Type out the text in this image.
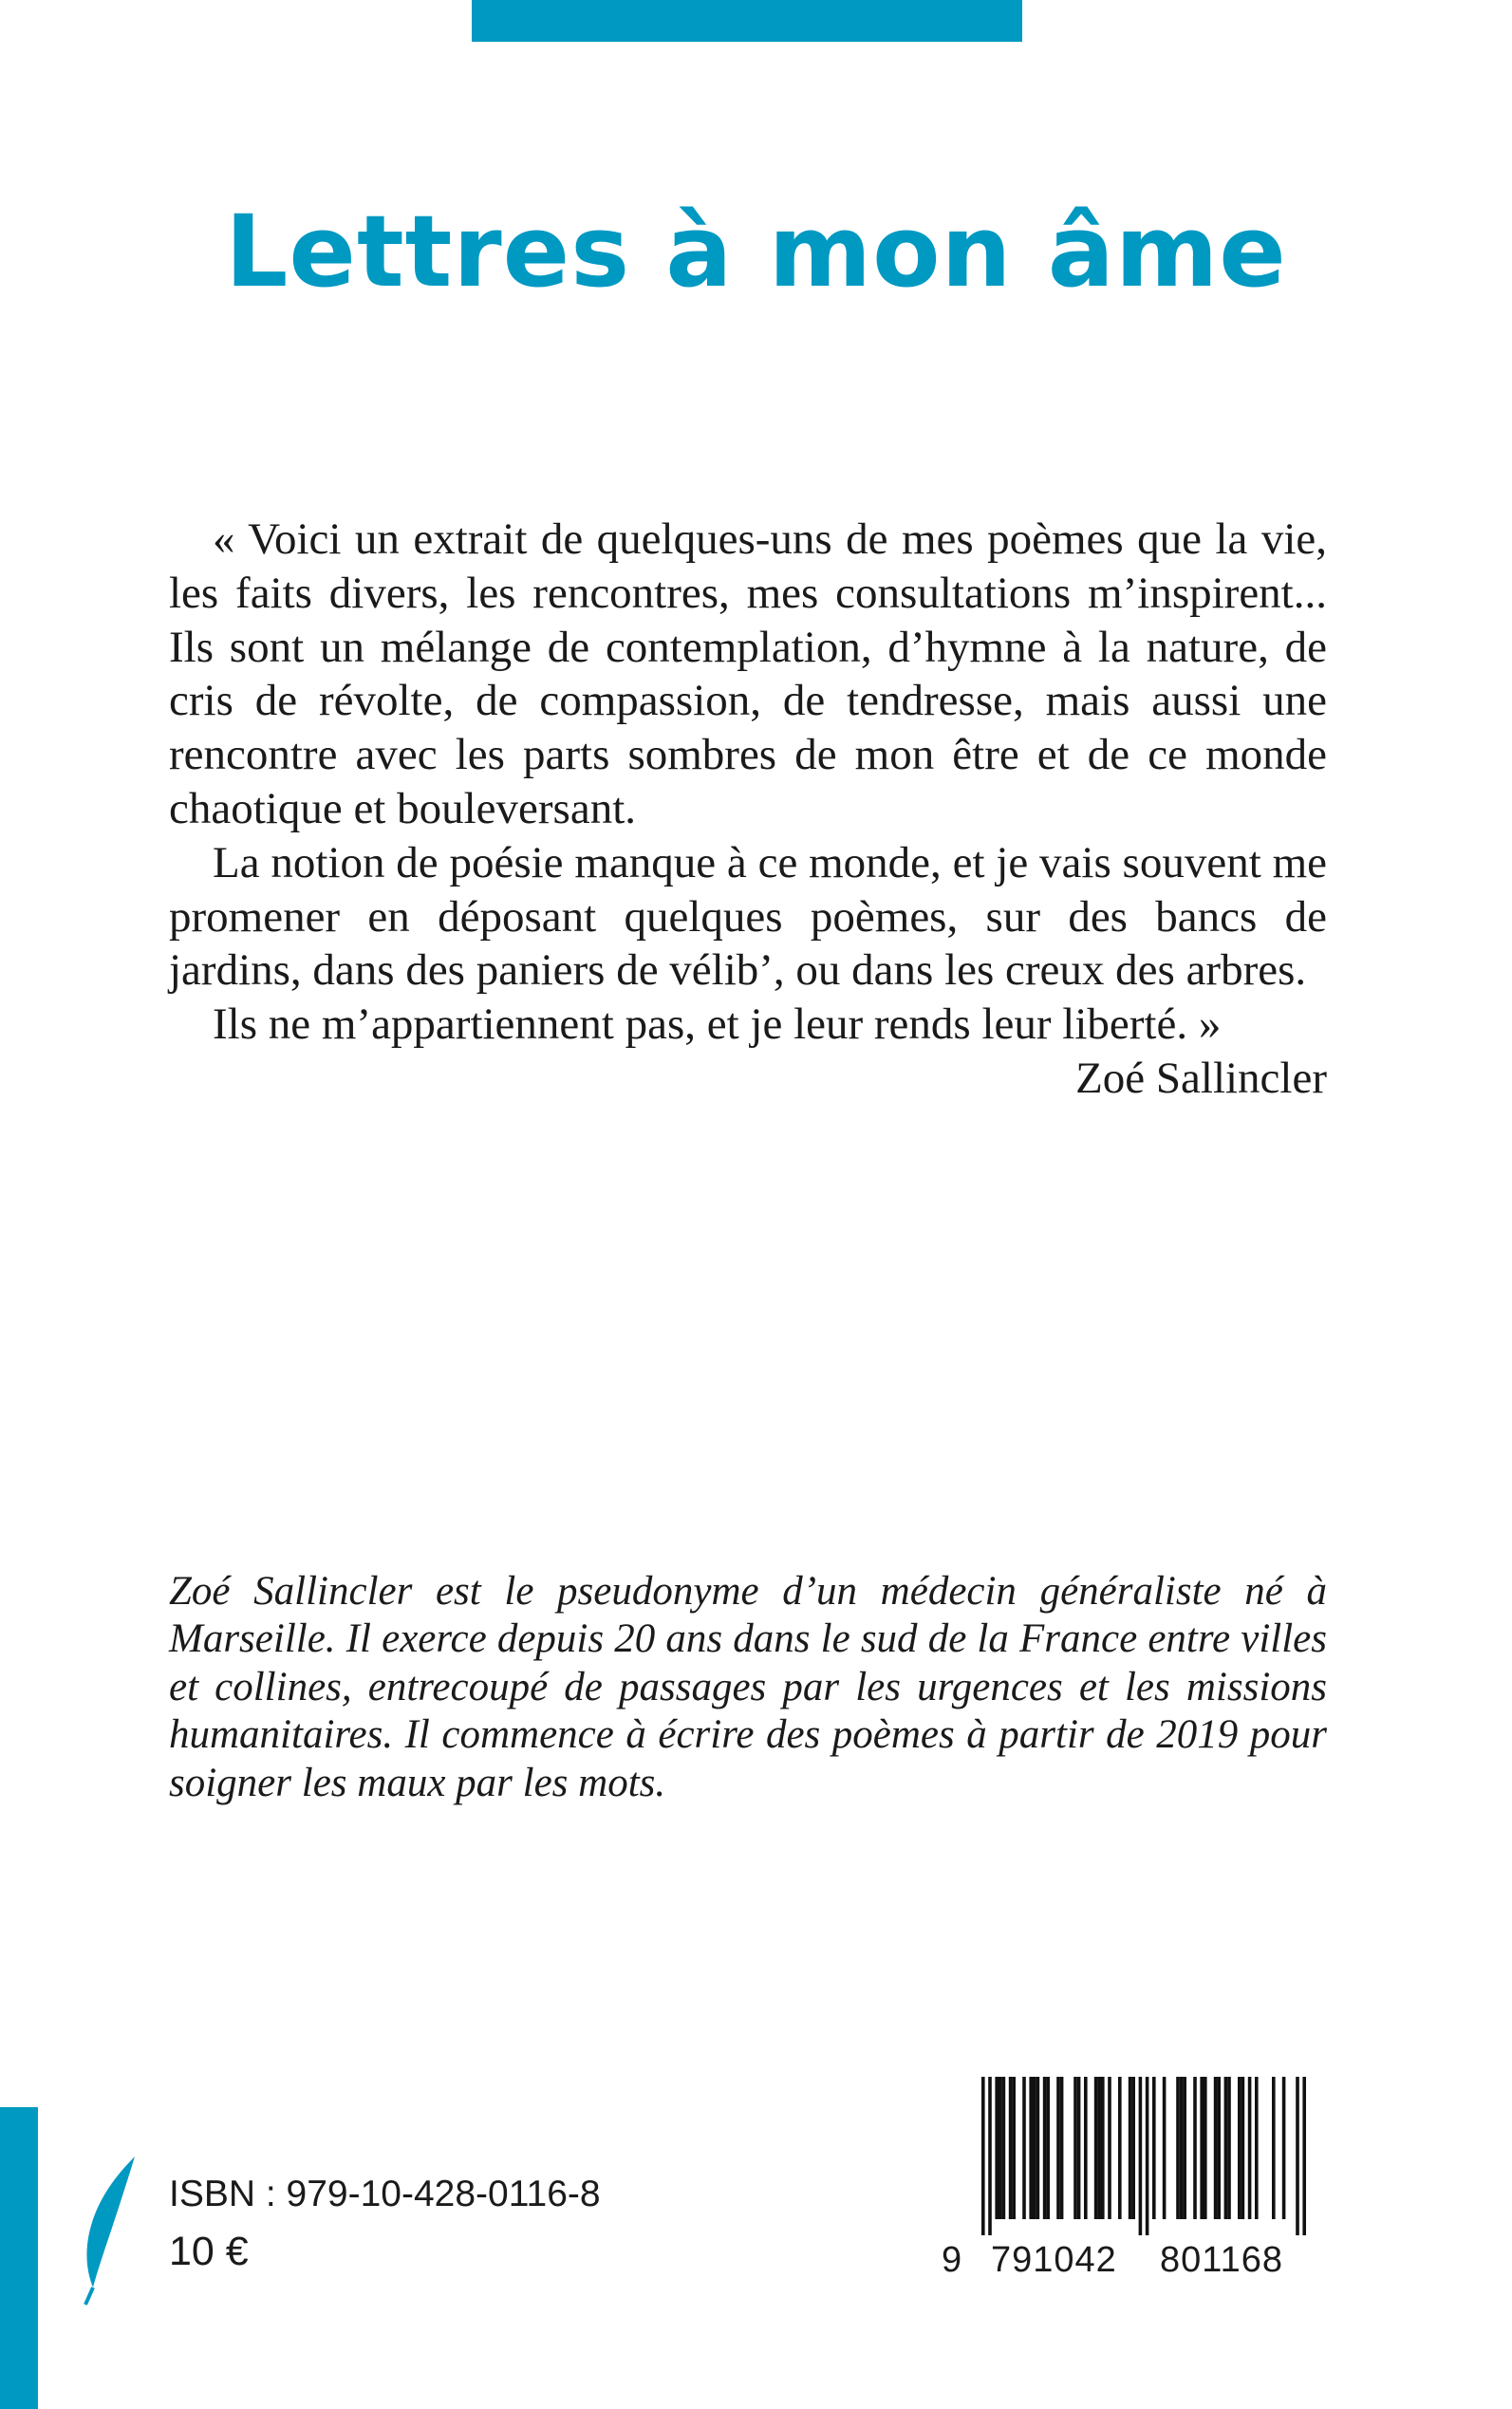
Lettres à mon âme

« Voici un extrait de quelques-uns de mes poèmes que la vie, les faits divers, les rencontres, mes consultations m’inspirent... Ils sont un mélange de contemplation, d’hymne à la nature, de cris de révolte, de compassion, de tendresse, mais aussi une rencontre avec les parts sombres de mon être et de ce monde chaotique et bouleversant.

La notion de poésie manque à ce monde, et je vais souvent me promener en déposant quelques poèmes, sur des bancs de jardins, dans des paniers de vélib’, ou dans les creux des arbres.

Ils ne m’appartiennent pas, et je leur rends leur liberté. »

Zoé Sallincler

Zoé Sallincler est le pseudonyme d’un médecin généraliste né à Marseille. Il exerce depuis 20 ans dans le sud de la France entre villes et collines, entrecoupé de passages par les urgences et les missions humanitaires. Il commence à écrire des poèmes à partir de 2019 pour soigner les maux par les mots.

ISBN : 979-10-428-0116-8

10 €	9 791042 801168
